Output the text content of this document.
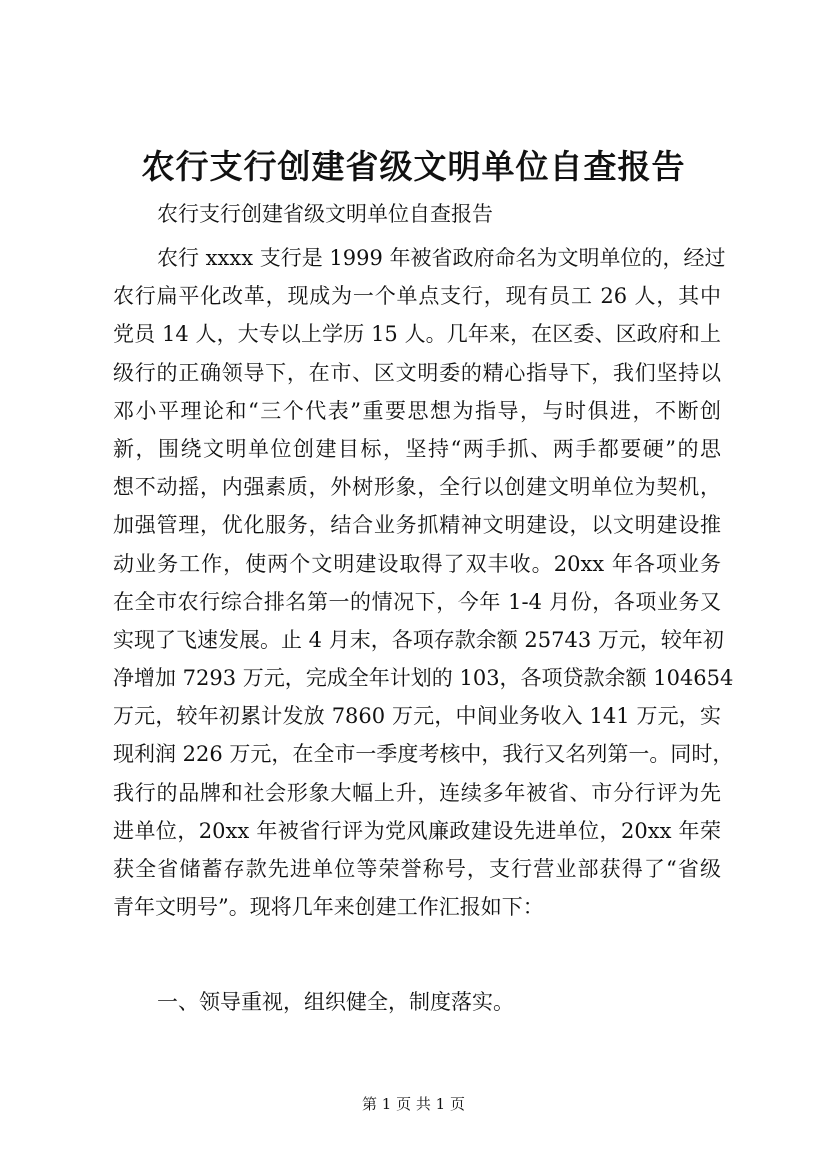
农行支行创建省级文明单位自查报告
农行支行创建省级文明单位自查报告
农行 xxxx 支行是 1999 年被省政府命名为文明单位的，经过
农行扁平化改革，现成为一个单点支行，现有员工 26 人，其中
党员 14 人，大专以上学历 15 人。几年来，在区委、区政府和上
级行的正确领导下，在市、区文明委的精心指导下，我们坚持以
邓小平理论和“三个代表”重要思想为指导，与时俱进，不断创
新，围绕文明单位创建目标，坚持“两手抓、两手都要硬”的思
想不动摇，内强素质，外树形象，全行以创建文明单位为契机，
加强管理，优化服务，结合业务抓精神文明建设，以文明建设推
动业务工作，使两个文明建设取得了双丰收。20xx 年各项业务
在全市农行综合排名第一的情况下，今年 1-4 月份，各项业务又
实现了飞速发展。止 4 月末，各项存款余额 25743 万元，较年初
净增加 7293 万元，完成全年计划的 103，各项贷款余额 104654
万元，较年初累计发放 7860 万元，中间业务收入 141 万元，实
现利润 226 万元，在全市一季度考核中，我行又名列第一。同时，
我行的品牌和社会形象大幅上升，连续多年被省、市分行评为先
进单位，20xx 年被省行评为党风廉政建设先进单位，20xx 年荣
获全省储蓄存款先进单位等荣誉称号，支行营业部获得了“省级
青年文明号”。现将几年来创建工作汇报如下：
一、领导重视，组织健全，制度落实。
第 1 页 共 1 页
